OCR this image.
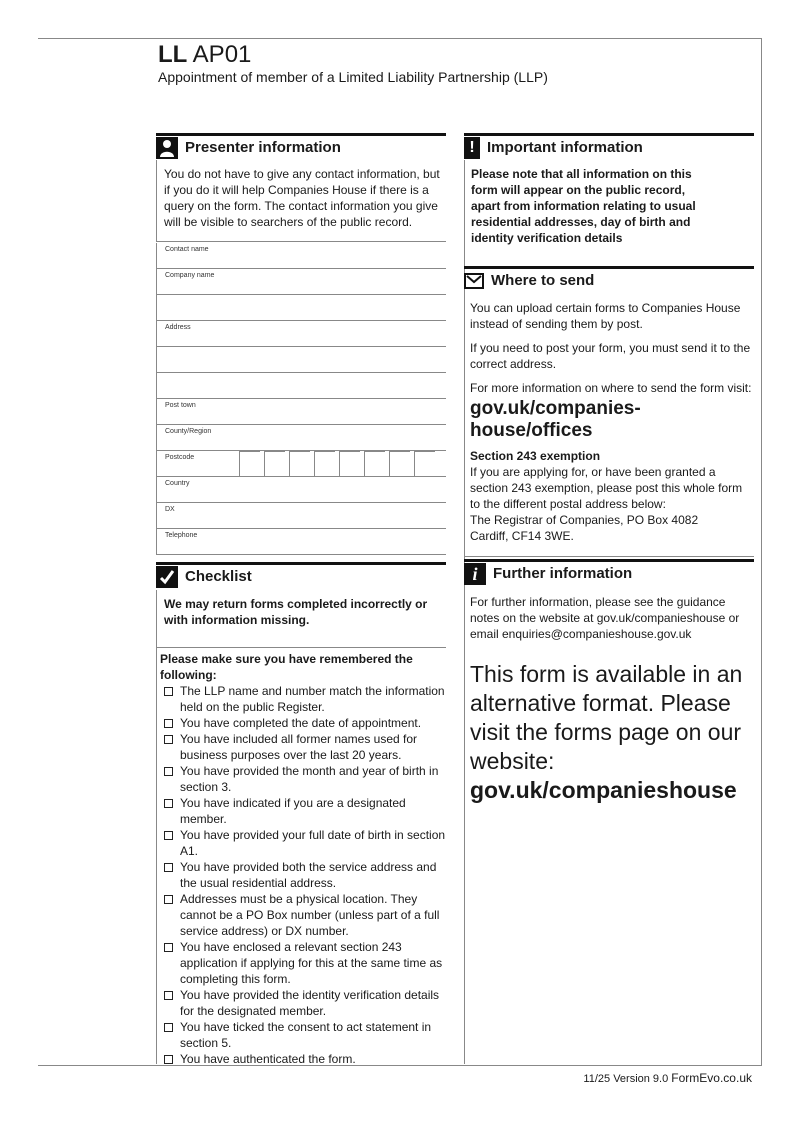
LL AP01
Appointment of member of a Limited Liability Partnership (LLP)
Presenter information
You do not have to give any contact information, but if you do it will help Companies House if there is a query on the form. The contact information you give will be visible to searchers of the public record.
Contact name
Company name
Address
Post town
County/Region
Postcode
Country
DX
Telephone
Checklist
We may return forms completed incorrectly or with information missing.
Please make sure you have remembered the following:
The LLP name and number match the information held on the public Register.
You have completed the date of appointment.
You have included all former names used for business purposes over the last 20 years.
You have provided the month and year of birth in section 3.
You have indicated if you are a designated member.
You have provided your full date of birth in section A1.
You have provided both the service address and the usual residential address.
Addresses must be a physical location. They cannot be a PO Box number (unless part of a full service address) or DX number.
You have enclosed a relevant section 243 application if applying for this at the same time as completing this form.
You have provided the identity verification details for the designated member.
You have ticked the consent to act statement in section 5.
You have authenticated the form.
! Important information
Please note that all information on this form will appear on the public record, apart from information relating to usual residential addresses, day of birth and identity verification details
Where to send

You can upload certain forms to Companies House instead of sending them by post.

If you need to post your form, you must send it to the correct address.

For more information on where to send the form visit:

gov.uk/companies-house/offices
Section 243 exemption
If you are applying for, or have been granted a section 243 exemption, please post this whole form to the different postal address below:
The Registrar of Companies, PO Box 4082
Cardiff, CF14 3WE.
i	Further information
For further information, please see the guidance notes on the website at gov.uk/companieshouse or email enquiries@companieshouse.gov.uk
This form is available in an alternative format. Please visit the forms page on our website:
gov.uk/companieshouse
11/25 Version 9.0 FormEvo.co.uk
